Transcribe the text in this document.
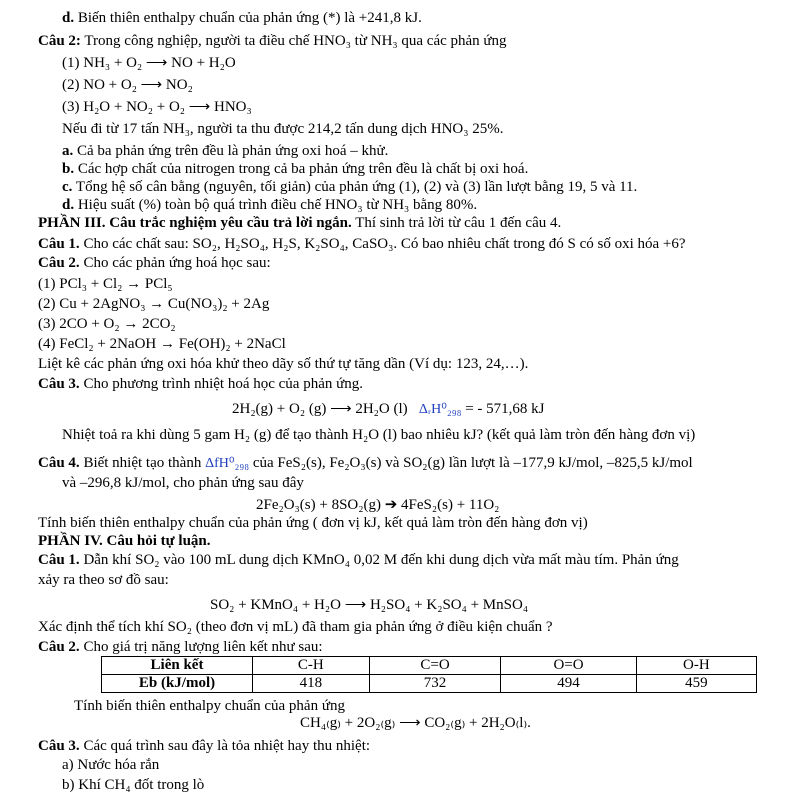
d. Biến thiên enthalpy chuẩn của phản ứng (*) là +241,8 kJ.
Câu 2: Trong công nghiệp, người ta điều chế HNO₃ từ NH₃ qua các phản ứng
(1) NH₃ + O₂ ⟶ NO + H₂O
(2) NO + O₂ ⟶ NO₂
(3) H₂O + NO₂ + O₂ ⟶ HNO₃
Nếu đi từ 17 tấn NH₃, người ta thu được 214,2 tấn dung dịch HNO₃ 25%.
a. Cả ba phản ứng trên đều là phản ứng oxi hoá – khử.
b. Các hợp chất của nitrogen trong cả ba phản ứng trên đều là chất bị oxi hoá.
c. Tổng hệ số cân bằng (nguyên, tối giản) của phản ứng (1), (2) và (3) lần lượt bằng 19, 5 và 11.
d. Hiệu suất (%) toàn bộ quá trình điều chế HNO₃ từ NH₃ bằng 80%.
PHẦN III. Câu trắc nghiệm yêu cầu trả lời ngắn. Thí sinh trả lời từ câu 1 đến câu 4.
Câu 1. Cho các chất sau: SO₂, H₂SO₄, H₂S, K₂SO₄, CaSO₃. Có bao nhiêu chất trong đó S có số oxi hóa +6?
Câu 2. Cho các phản ứng hoá học sau:
(1) PCl₃ + Cl₂ → PCl₅
(2) Cu + 2AgNO₃ → Cu(NO₃)₂ + 2Ag
(3) 2CO + O₂ → 2CO₂
(4) FeCl₂ + 2NaOH → Fe(OH)₂ + 2NaCl
Liệt kê các phản ứng oxi hóa khử theo dãy số thứ tự tăng dần (Ví dụ: 123, 24,…).
Câu 3. Cho phương trình nhiệt hoá học của phản ứng.
2H₂(g) + O₂ (g) ⟶ 2H₂O (l) ΔᵣH⁰₂₉₈ = - 571,68 kJ
Nhiệt toả ra khi dùng 5 gam H₂ (g) để tạo thành H₂O (l) bao nhiêu kJ? (kết quả làm tròn đến hàng đơn vị)
Câu 4. Biết nhiệt tạo thành ΔfH⁰₂₉₈ của FeS₂(s), Fe₂O₃(s) và SO₂(g) lần lượt là –177,9 kJ/mol, –825,5 kJ/mol
và –296,8 kJ/mol, cho phản ứng sau đây
2Fe₂O₃(s) + 8SO₂(g) ➔ 4FeS₂(s) + 11O₂
Tính biến thiên enthalpy chuẩn của phản ứng ( đơn vị kJ, kết quả làm tròn đến hàng đơn vị)
PHẦN IV. Câu hỏi tự luận.
Câu 1. Dẫn khí SO₂ vào 100 mL dung dịch KMnO₄ 0,02 M đến khi dung dịch vừa mất màu tím. Phản ứng
xảy ra theo sơ đồ sau:
SO₂ + KMnO₄ + H₂O ⟶ H₂SO₄ + K₂SO₄ + MnSO₄
Xác định thể tích khí SO₂ (theo đơn vị mL) đã tham gia phản ứng ở điều kiện chuẩn ?
Câu 2. Cho giá trị năng lượng liên kết như sau:
Liên kết	C-H	C=O	O=O	O-H
Eb (kJ/mol)	418	732	494	459
Tính biến thiên enthalpy chuẩn của phản ứng
CH₄₍g₎ + 2O₂₍g₎ ⟶ CO₂₍g₎ + 2H₂O₍l₎.
Câu 3. Các quá trình sau đây là tỏa nhiệt hay thu nhiệt:
a) Nước hóa rắn
b) Khí CH₄ đốt trong lò
